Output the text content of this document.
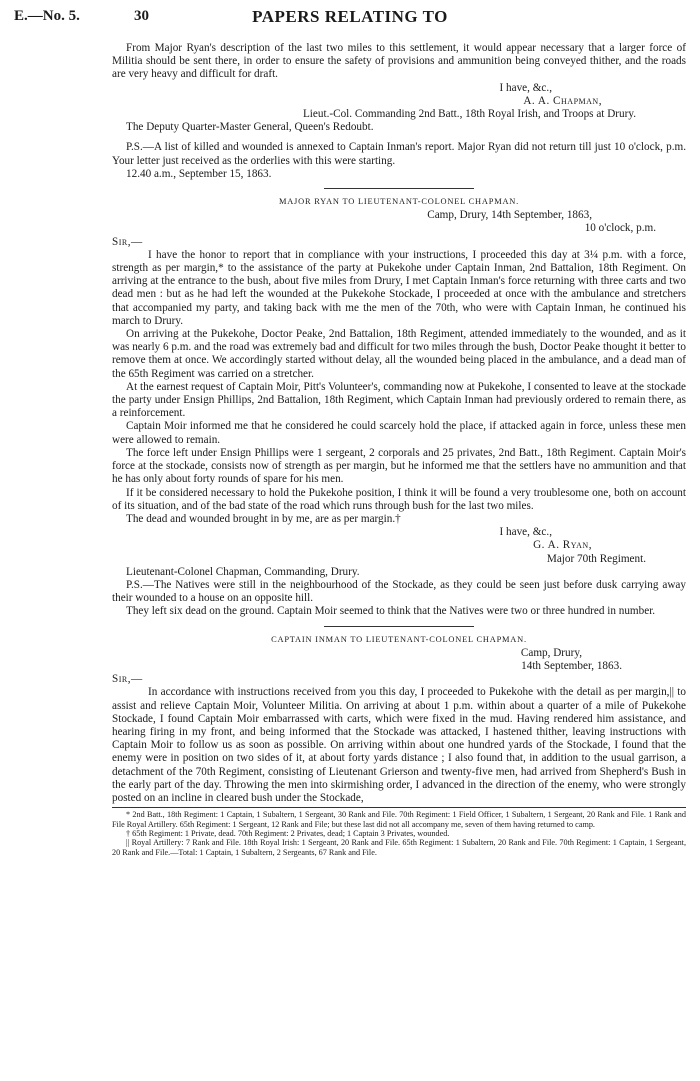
E.—No. 5.	30	PAPERS RELATING TO

From Major Ryan's description of the last two miles to this settlement, it would appear necessary that a larger force of Militia should be sent there, in order to ensure the safety of provisions and ammunition being conveyed thither, and the roads are very heavy and difficult for draft.

I have, &c.,

A. A. Chapman,

Lieut.-Col. Commanding 2nd Batt., 18th Royal Irish, and Troops at Drury.

The Deputy Quarter-Master General, Queen's Redoubt.

P.S.—A list of killed and wounded is annexed to Captain Inman's report. Major Ryan did not return till just 10 o'clock, p.m. Your letter just received as the orderlies with this were starting.

12.40 a.m., September 15, 1863.

MAJOR RYAN TO LIEUTENANT-COLONEL CHAPMAN.

Camp, Drury, 14th September, 1863,

10 o'clock, p.m.

Sir,—

I have the honor to report that in compliance with your instructions, I proceeded this day at 3¼ p.m. with a force, strength as per margin,* to the assistance of the party at Pukekohe under Captain Inman, 2nd Battalion, 18th Regiment. On arriving at the entrance to the bush, about five miles from Drury, I met Captain Inman's force returning with three carts and two dead men : but as he had left the wounded at the Pukekohe Stockade, I proceeded at once with the ambulance and stretchers that accompanied my party, and taking back with me the men of the 70th, who were with Captain Inman, he continued his march to Drury.

On arriving at the Pukekohe, Doctor Peake, 2nd Battalion, 18th Regiment, attended immediately to the wounded, and as it was nearly 6 p.m. and the road was extremely bad and difficult for two miles through the bush, Doctor Peake thought it better to remove them at once. We accordingly started without delay, all the wounded being placed in the ambulance, and a dead man of the 65th Regiment was carried on a stretcher.

At the earnest request of Captain Moir, Pitt's Volunteer's, commanding now at Pukekohe, I consented to leave at the stockade the party under Ensign Phillips, 2nd Battalion, 18th Regiment, which Captain Inman had previously ordered to remain there, as a reinforcement.

Captain Moir informed me that he considered he could scarcely hold the place, if attacked again in force, unless these men were allowed to remain.

The force left under Ensign Phillips were 1 sergeant, 2 corporals and 25 privates, 2nd Batt., 18th Regiment. Captain Moir's force at the stockade, consists now of strength as per margin, but he informed me that the settlers have no ammunition and that he has only about forty rounds of spare for his men.

If it be considered necessary to hold the Pukekohe position, I think it will be found a very troublesome one, both on account of its situation, and of the bad state of the road which runs through bush for the last two miles.

The dead and wounded brought in by me, are as per margin.†

I have, &c.,

G. A. Ryan,

Major 70th Regiment.

Lieutenant-Colonel Chapman, Commanding, Drury.

P.S.—The Natives were still in the neighbourhood of the Stockade, as they could be seen just before dusk carrying away their wounded to a house on an opposite hill.

They left six dead on the ground. Captain Moir seemed to think that the Natives were two or three hundred in number.

CAPTAIN INMAN TO LIEUTENANT-COLONEL CHAPMAN.

Camp, Drury,

14th September, 1863.

Sir,—

In accordance with instructions received from you this day, I proceeded to Pukekohe with the detail as per margin,|| to assist and relieve Captain Moir, Volunteer Militia. On arriving at about 1 p.m. within about a quarter of a mile of Pukekohe Stockade, I found Captain Moir embarrassed with carts, which were fixed in the mud. Having rendered him assistance, and hearing firing in my front, and being informed that the Stockade was attacked, I hastened thither, leaving instructions with Captain Moir to follow us as soon as possible. On arriving within about one hundred yards of the Stockade, I found that the enemy were in position on two sides of it, at about forty yards distance ; I also found that, in addition to the usual garrison, a detachment of the 70th Regiment, consisting of Lieutenant Grierson and twenty-five men, had arrived from Shepherd's Bush in the early part of the day. Throwing the men into skirmishing order, I advanced in the direction of the enemy, who were strongly posted on an incline in cleared bush under the Stockade,

* 2nd Batt., 18th Regiment: 1 Captain, 1 Subaltern, 1 Sergeant, 30 Rank and File. 70th Regiment: 1 Field Officer, 1 Subaltern, 1 Sergeant, 20 Rank and File. 1 Rank and File Royal Artillery. 65th Regiment: 1 Sergeant, 12 Rank and File; but these last did not all accompany me, seven of them having returned to camp.

† 65th Regiment: 1 Private, dead. 70th Regiment: 2 Privates, dead; 1 Captain 3 Privates, wounded.

|| Royal Artillery: 7 Rank and File. 18th Royal Irish: 1 Sergeant, 20 Rank and File. 65th Regiment: 1 Subaltern, 20 Rank and File. 70th Regiment: 1 Captain, 1 Sergeant, 20 Rank and File.—Total: 1 Captain, 1 Subaltern, 2 Sergeants, 67 Rank and File.
